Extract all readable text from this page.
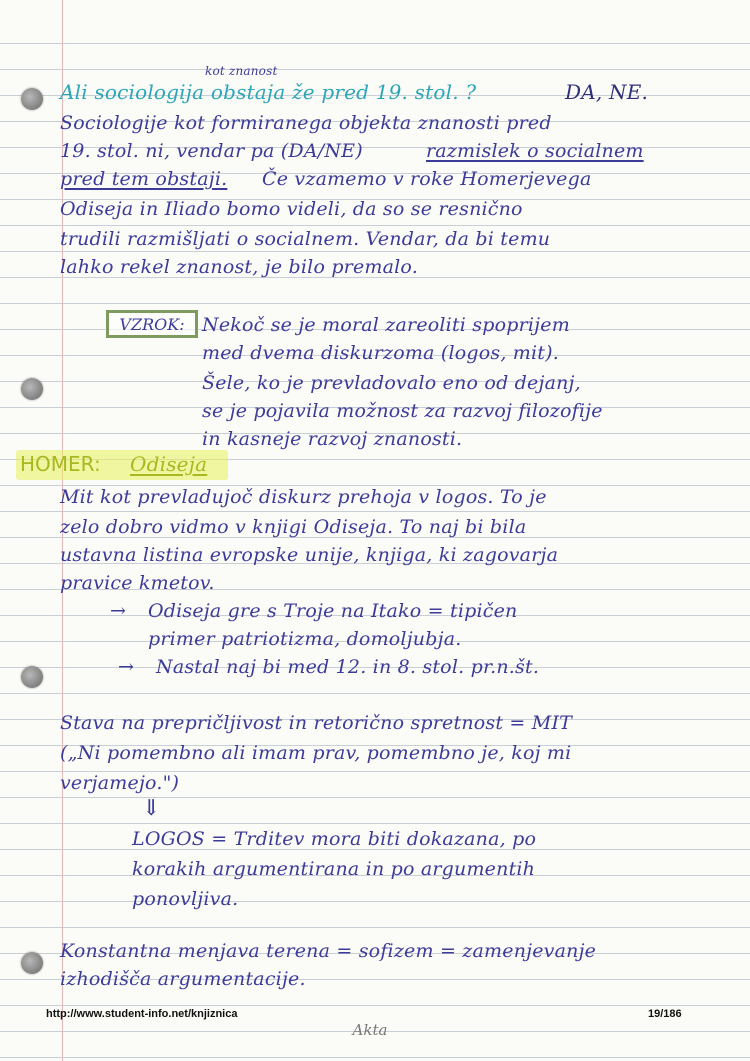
kot znanost

Ali sociologija obstaja že pred 19. stol. ?	DA, NE.

Sociologije kot formiranega objekta znanosti pred

19. stol. ni, vendar pa (DA/NE)	razmislek o socialnem

pred tem obstaji. Če vzamemo v roke Homerjevega

Odiseja in Iliado bomo videli, da so se resnično

trudili razmišljati o socialnem. Vendar, da bi temu

lahko rekel znanost, je bilo premalo.

VZROK: Nekoč se je moral zareoliti spoprijem

med dvema diskurzoma (logos, mit).

Šele, ko je prevladovalo eno od dejanj,

se je pojavila možnost za razvoj filozofije

in kasneje razvoj znanosti.

HOMER: Odiseja

Mit kot prevladujoč diskurz prehoja v logos. To je

zelo dobro vidmo v knjigi Odiseja. To naj bi bila

ustavna listina evropske unije, knjiga, ki zagovarja

pravice kmetov.

→ Odiseja gre s Troje na Itako = tipičen

primer patriotizma, domoljubja.

→ Nastal naj bi med 12. in 8. stol. pr.n.št.

Stava na prepričljivost in retorično spretnost = MIT

(„Ni pomembno ali imam prav, pomembno je, koj mi

verjamejo.")

⇓

LOGOS = Trditev mora biti dokazana, po

korakih argumentirana in po argumentih

ponovljiva.

Konstantna menjava terena = sofizem = zamenjevanje

izhodišča argumentacije.

http://www.student-info.net/knjiznica
Akta
19/186
